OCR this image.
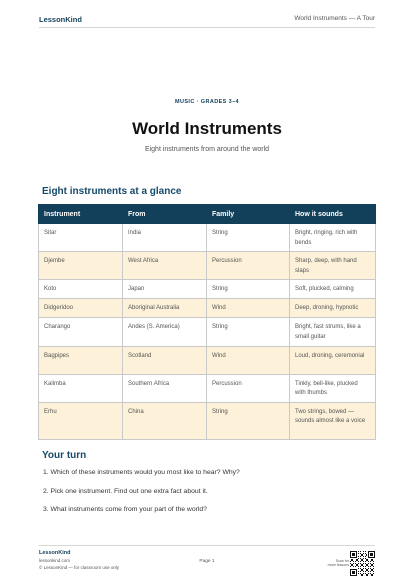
LessonKind	World Instruments — A Tour
MUSIC · GRADES 3–4
World Instruments
Eight instruments from around the world
Eight instruments at a glance
Instrument	From	Family	How it sounds
Sitar	India	String	Bright, ringing, rich with bends
Djembe	West Africa	Percussion	Sharp, deep, with hand slaps
Koto	Japan	String	Soft, plucked, calming
Didgeridoo	Aboriginal Australia	Wind	Deep, droning, hypnotic
Charango	Andes (S. America)	String	Bright, fast strums, like a small guitar
Bagpipes	Scotland	Wind	Loud, droning, ceremonial
Kalimba	Southern Africa	Percussion	Tinkly, bell-like, plucked with thumbs
Erhu	China	String	Two strings, bowed — sounds almost like a voice
Your turn
1. Which of these instruments would you most like to hear? Why?
2. Pick one instrument. Find out one extra fact about it.
3. What instruments come from your part of the world?
LessonKind
lessonkind.com
© LessonKind — for classroom use only
Page 1	Scan for
more lessons
